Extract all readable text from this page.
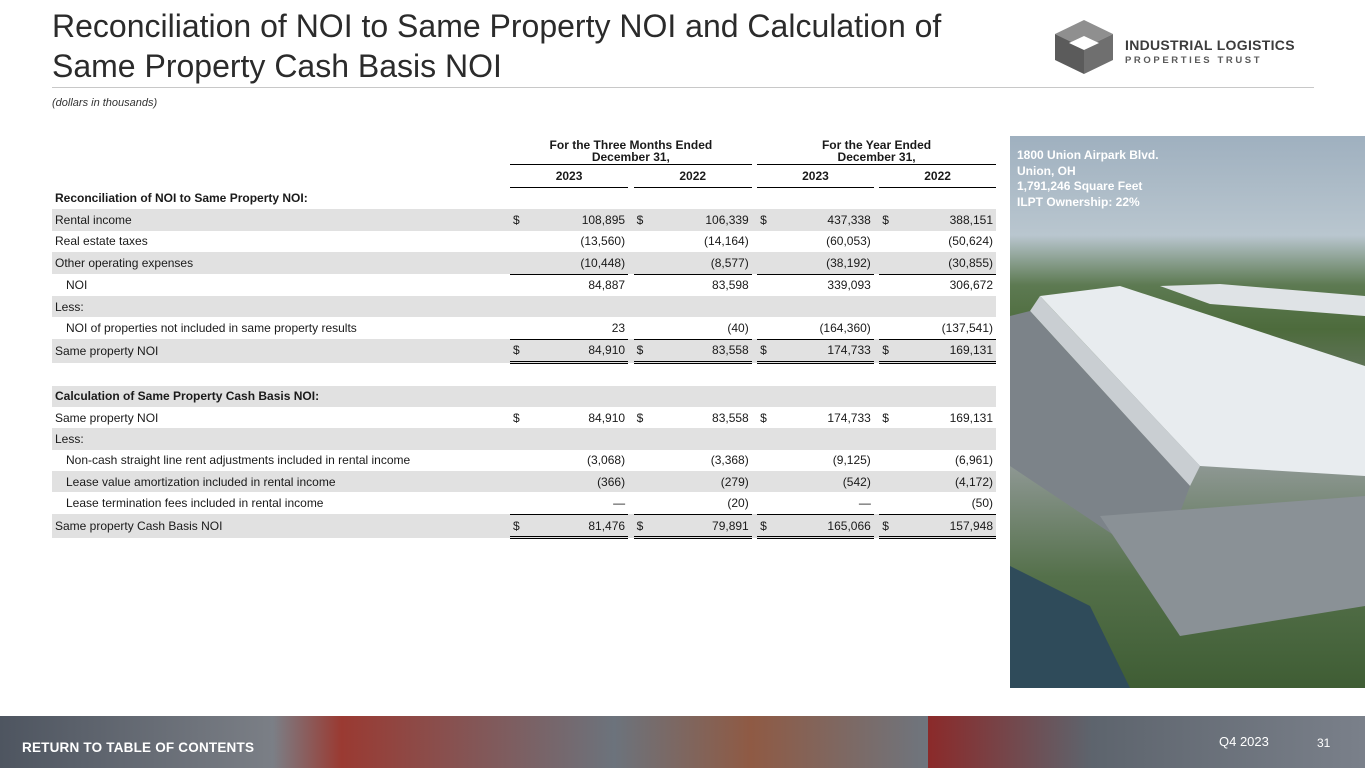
Reconciliation of NOI to Same Property NOI and Calculation of
Same Property Cash Basis NOI
INDUSTRIAL LOGISTICS
PROPERTIES TRUST
(dollars in thousands)
		For the Three Months Ended
December 31,						For the Year Ended
December 31,				
		2023			2022			2023			2022	
Reconciliation of NOI to Same Property NOI:												
Rental income		$	108,895		$	106,339		$	437,338		$	388,151
Real estate taxes			(13,560)			(14,164)			(60,053)			(50,624)
Other operating expenses			(10,448)			(8,577)			(38,192)			(30,855)
NOI			84,887			83,598			339,093			306,672
Less:												
NOI of properties not included in same property results			23			(40)			(164,360)			(137,541)
Same property NOI		$	84,910		$	83,558		$	174,733		$	169,131

Calculation of Same Property Cash Basis NOI:												
Same property NOI		$	84,910		$	83,558		$	174,733		$	169,131
Less:												
Non-cash straight line rent adjustments included in rental income			(3,068)			(3,368)			(9,125)			(6,961)
Lease value amortization included in rental income			(366)			(279)			(542)			(4,172)
Lease termination fees included in rental income			—			(20)			—			(50)
Same property Cash Basis NOI		$	81,476		$	79,891		$	165,066		$	157,948
1800 Union Airpark Blvd.
Union, OH
1,791,246 Square Feet
ILPT Ownership: 22%
RETURN TO TABLE OF CONTENTS	Q4 2023	31
